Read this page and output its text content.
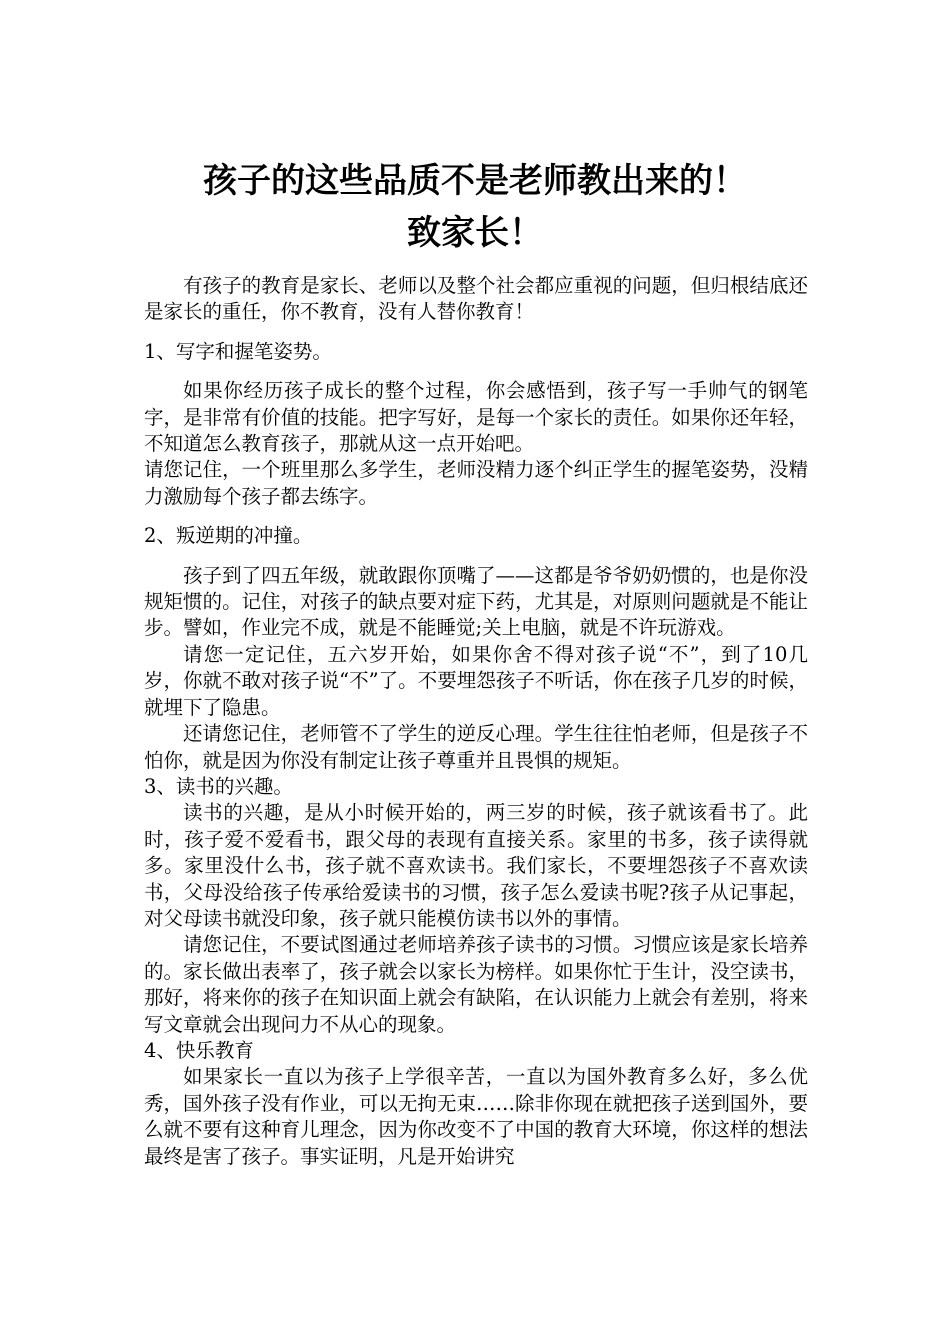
孩子的这些品质不是老师教出来的！
致家长！

有孩子的教育是家长、老师以及整个社会都应重视的问题，但归根结底还是家长的重任，你不教育，没有人替你教育！

1、写字和握笔姿势。

如果你经历孩子成长的整个过程，你会感悟到，孩子写一手帅气的钢笔字，是非常有价值的技能。把字写好，是每一个家长的责任。如果你还年轻，不知道怎么教育孩子，那就从这一点开始吧。

请您记住，一个班里那么多学生，老师没精力逐个纠正学生的握笔姿势，没精力激励每个孩子都去练字。

2、叛逆期的冲撞。

孩子到了四五年级，就敢跟你顶嘴了——这都是爷爷奶奶惯的，也是你没规矩惯的。记住，对孩子的缺点要对症下药，尤其是，对原则问题就是不能让步。譬如，作业完不成，就是不能睡觉;关上电脑，就是不许玩游戏。

请您一定记住，五六岁开始，如果你舍不得对孩子说“不”，到了10几岁，你就不敢对孩子说“不”了。不要埋怨孩子不听话，你在孩子几岁的时候，就埋下了隐患。

还请您记住，老师管不了学生的逆反心理。学生往往怕老师，但是孩子不怕你，就是因为你没有制定让孩子尊重并且畏惧的规矩。

3、读书的兴趣。

读书的兴趣，是从小时候开始的，两三岁的时候，孩子就该看书了。此时，孩子爱不爱看书，跟父母的表现有直接关系。家里的书多，孩子读得就多。家里没什么书，孩子就不喜欢读书。我们家长，不要埋怨孩子不喜欢读书，父母没给孩子传承给爱读书的习惯，孩子怎么爱读书呢?孩子从记事起，对父母读书就没印象，孩子就只能模仿读书以外的事情。

请您记住，不要试图通过老师培养孩子读书的习惯。习惯应该是家长培养的。家长做出表率了，孩子就会以家长为榜样。如果你忙于生计，没空读书，那好，将来你的孩子在知识面上就会有缺陷，在认识能力上就会有差别，将来写文章就会出现问力不从心的现象。

4、快乐教育

如果家长一直以为孩子上学很辛苦，一直以为国外教育多么好，多么优秀，国外孩子没有作业，可以无拘无束……除非你现在就把孩子送到国外，要么就不要有这种育儿理念，因为你改变不了中国的教育大环境，你这样的想法最终是害了孩子。事实证明，凡是开始讲究
